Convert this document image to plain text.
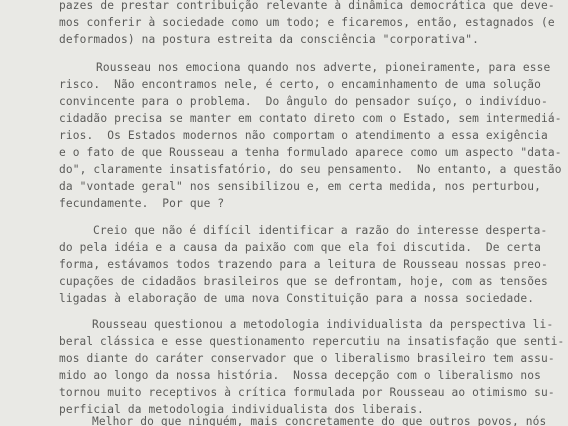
pazes de prestar contribuição relevante à dinâmica democrática que deve-
mos conferir à sociedade como um todo; e ficaremos, então, estagnados (e
deformados) na postura estreita da consciência "corporativa".
Rousseau nos emociona quando nos adverte, pioneiramente, para esse
risco.  Não encontramos nele, é certo, o encaminhamento de uma solução
convincente para o problema.  Do ângulo do pensador suíço, o indivíduo-
cidadão precisa se manter em contato direto com o Estado, sem intermediá-
rios.  Os Estados modernos não comportam o atendimento a essa exigência
e o fato de que Rousseau a tenha formulado aparece como um aspecto "data-
do", claramente insatisfatório, do seu pensamento.  No entanto, a questão
da "vontade geral" nos sensibilizou e, em certa medida, nos perturbou,
fecundamente.  Por que ?
Creio que não é difícil identificar a razão do interesse desperta-
do pela idéia e a causa da paixão com que ela foi discutida.  De certa
forma, estávamos todos trazendo para a leitura de Rousseau nossas preo-
cupações de cidadãos brasileiros que se defrontam, hoje, com as tensões
ligadas à elaboração de uma nova Constituição para a nossa sociedade.
Rousseau questionou a metodologia individualista da perspectiva li-
beral clássica e esse questionamento repercutiu na insatisfação que senti-
mos diante do caráter conservador que o liberalismo brasileiro tem assu-
mido ao longo da nossa história.  Nossa decepção com o liberalismo nos
tornou muito receptivos à crítica formulada por Rousseau ao otimismo su-
perficial da metodologia individualista dos liberais.
Melhor do que ninguém, mais concretamente do que outros povos, nós
